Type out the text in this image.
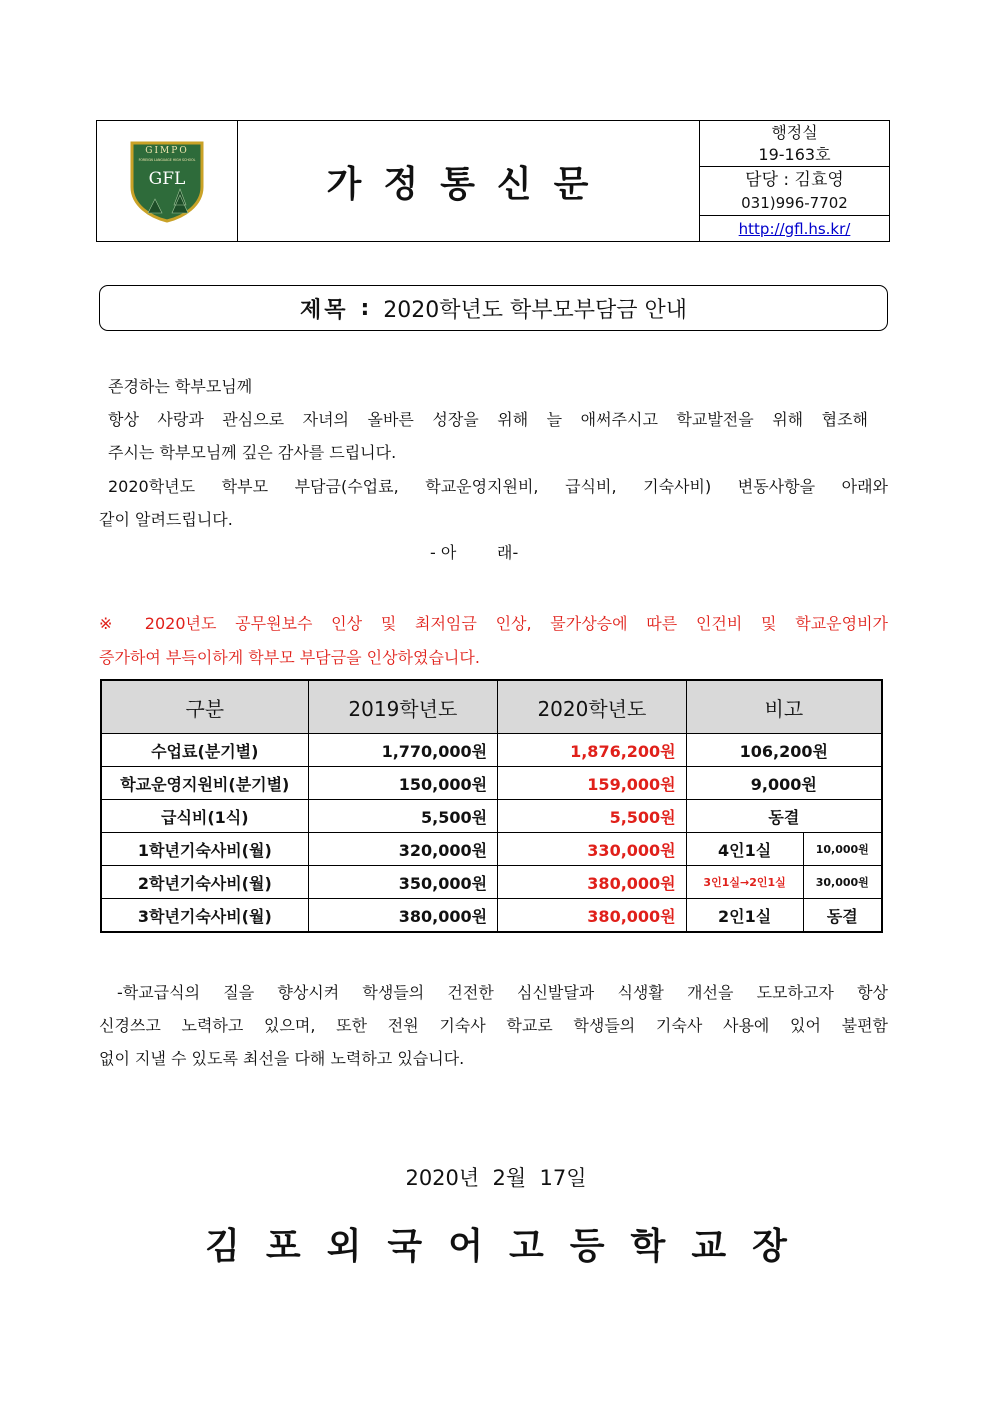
GIMPO
FOREIGN LANGUAGE HIGH SCHOOL
GFL	가정통신문
행정실
19-163호
담당 : 김효영
031)996-7702
http://gfl.hs.kr/
제목 : 2020학년도 학부모부담금 안내
존경하는 학부모님께
항상 사랑과 관심으로 자녀의 올바른 성장을 위해 늘 애써주시고 학교발전을 위해 협조해
주시는 학부모님께 깊은 감사를 드립니다.
2020학년도 학부모 부담금(수업료, 학교운영지원비, 급식비, 기숙사비) 변동사항을 아래와
같이 알려드립니다.
- 아        래-
※ 2020년도 공무원보수 인상 및 최저임금 인상, 물가상승에 따른 인건비 및 학교운영비가
증가하여 부득이하게 학부모 부담금을 인상하였습니다.
구분	2019학년도	2020학년도	비고	
수업료(분기별)	1,770,000원	1,876,200원	106,200원	
학교운영지원비(분기별)	150,000원	159,000원	9,000원	
급식비(1식)	5,500원	5,500원	동결	
1학년기숙사비(월)	320,000원	330,000원	4인1실	10,000원
2학년기숙사비(월)	350,000원	380,000원	3인1실→2인1실	30,000원
3학년기숙사비(월)	380,000원	380,000원	2인1실	동결
-학교급식의 질을 향상시켜 학생들의 건전한 심신발달과 식생활 개선을 도모하고자 항상
신경쓰고 노력하고 있으며, 또한 전원 기숙사 학교로 학생들의 기숙사 사용에 있어 불편함
없이 지낼 수 있도록 최선을 다해 노력하고 있습니다.
2020년  2월  17일
김포외국어고등학교장
